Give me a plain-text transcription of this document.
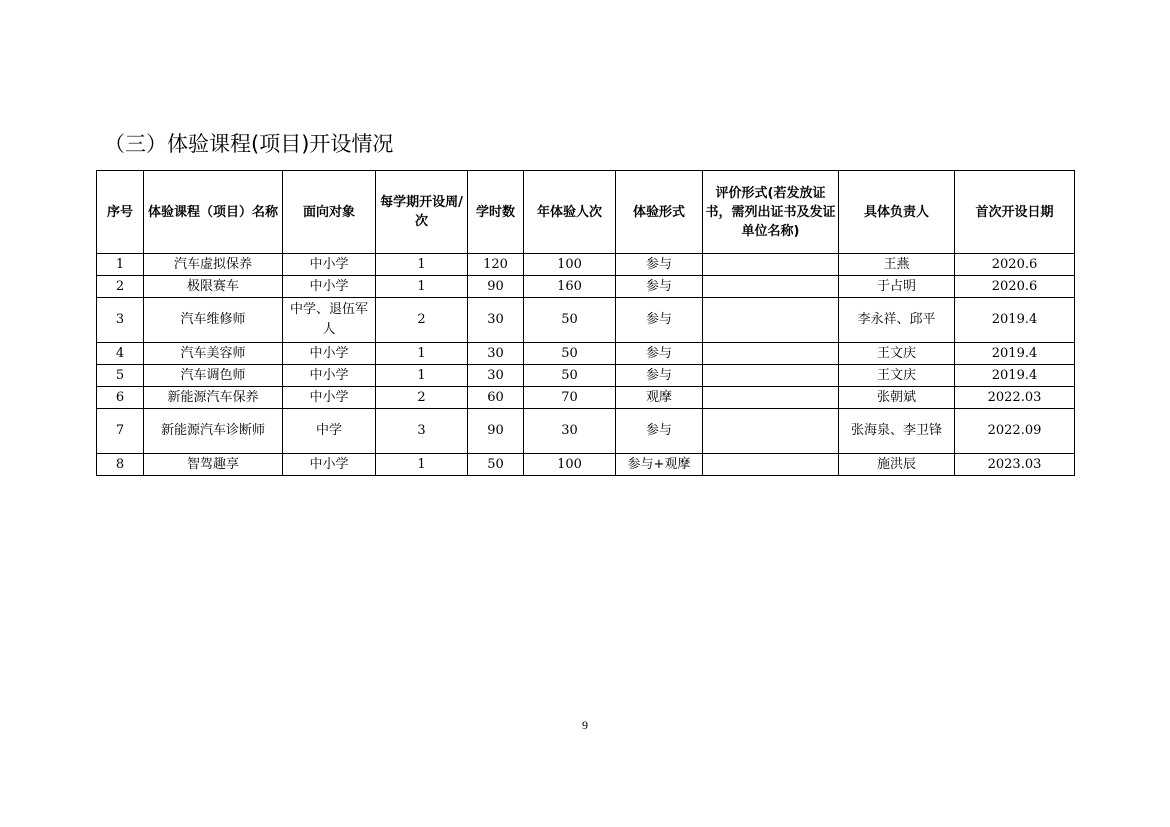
（三）体验课程(项目)开设情况
序号	体验课程（项目）名称	面向对象	每学期开设周/次	学时数	年体验人次	体验形式	评价形式(若发放证书，需列出证书及发证单位名称)	具体负责人	首次开设日期
1	汽车虚拟保养	中小学	1	120	100	参与		王燕	2020.6
2	极限赛车	中小学	1	90	160	参与		于占明	2020.6
3	汽车维修师	中学、退伍军人	2	30	50	参与		李永祥、邱平	2019.4
4	汽车美容师	中小学	1	30	50	参与		王文庆	2019.4
5	汽车调色师	中小学	1	30	50	参与		王文庆	2019.4
6	新能源汽车保养	中小学	2	60	70	观摩		张朝斌	2022.03
7	新能源汽车诊断师	中学	3	90	30	参与		张海泉、李卫锋	2022.09
8	智驾趣享	中小学	1	50	100	参与+观摩		施洪辰	2023.03
9
